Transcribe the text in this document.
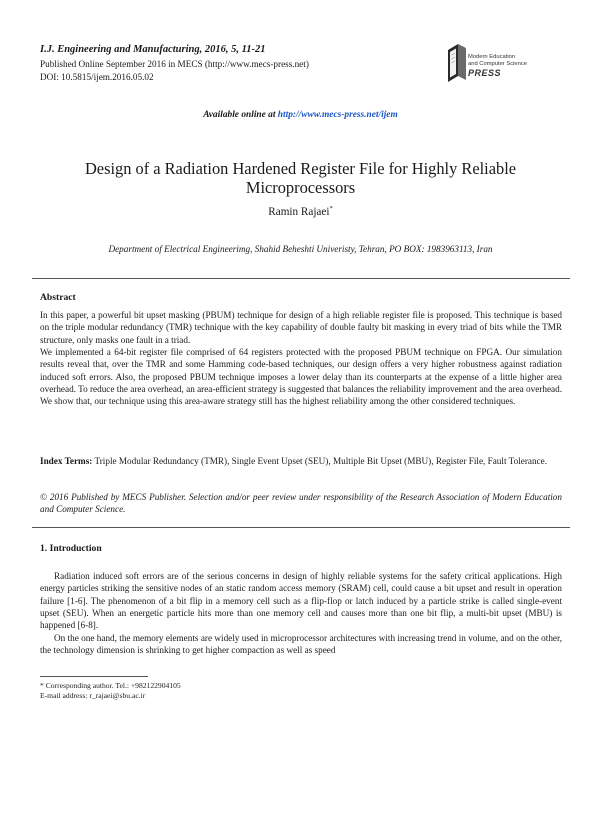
I.J. Engineering and Manufacturing, 2016, 5, 11-21
Published Online September 2016 in MECS (http://www.mecs-press.net)
DOI: 10.5815/ijem.2016.05.02
Modern Education
and Computer Science
PRESS
Available online at http://www.mecs-press.net/ijem
Design of a Radiation Hardened Register File for Highly Reliable Microprocessors
Ramin Rajaei*
Department of Electrical Engineerimg, Shahid Beheshti Univeristy, Tehran, PO BOX: 1983963113, Iran
Abstract

In this paper, a powerful bit upset masking (PBUM) technique for design of a high reliable register file is proposed. This technique is based on the triple modular redundancy (TMR) technique with the key capability of double faulty bit masking in every triad of bits while the TMR structure, only masks one fault in a triad.

We implemented a 64-bit register file comprised of 64 registers protected with the proposed PBUM technique on FPGA. Our simulation results reveal that, over the TMR and some Hamming code-based techniques, our design offers a very higher robustness against radiation induced soft errors. Also, the proposed PBUM technique imposes a lower delay than its counterparts at the expense of a little higher area overhead. To reduce the area overhead, an area-efficient strategy is suggested that balances the reliability improvement and the area overhead. We show that, our technique using this area-aware strategy still has the highest reliability among the other considered techniques.

Index Terms: Triple Modular Redundancy (TMR), Single Event Upset (SEU), Multiple Bit Upset (MBU), Register File, Fault Tolerance.

© 2016 Published by MECS Publisher. Selection and/or peer review under responsibility of the Research Association of Modern Education and Computer Science.
1. Introduction

Radiation induced soft errors are of the serious concerns in design of highly reliable systems for the safety critical applications. High energy particles striking the sensitive nodes of an static random access memory (SRAM) cell, could cause a bit upset and result in operation failure [1-6]. The phenomenon of a bit flip in a memory cell such as a flip-flop or latch induced by a particle strike is called single-event upset (SEU). When an energetic particle hits more than one memory cell and causes more than one bit flip, a multi-bit upset (MBU) is happened [6-8].

On the one hand, the memory elements are widely used in microprocessor architectures with increasing trend in volume, and on the other, the technology dimension is shrinking to get higher compaction as well as speed

* Corresponding author. Tel.: +982122904105
E-mail address: r_rajaei@sbu.ac.ir
